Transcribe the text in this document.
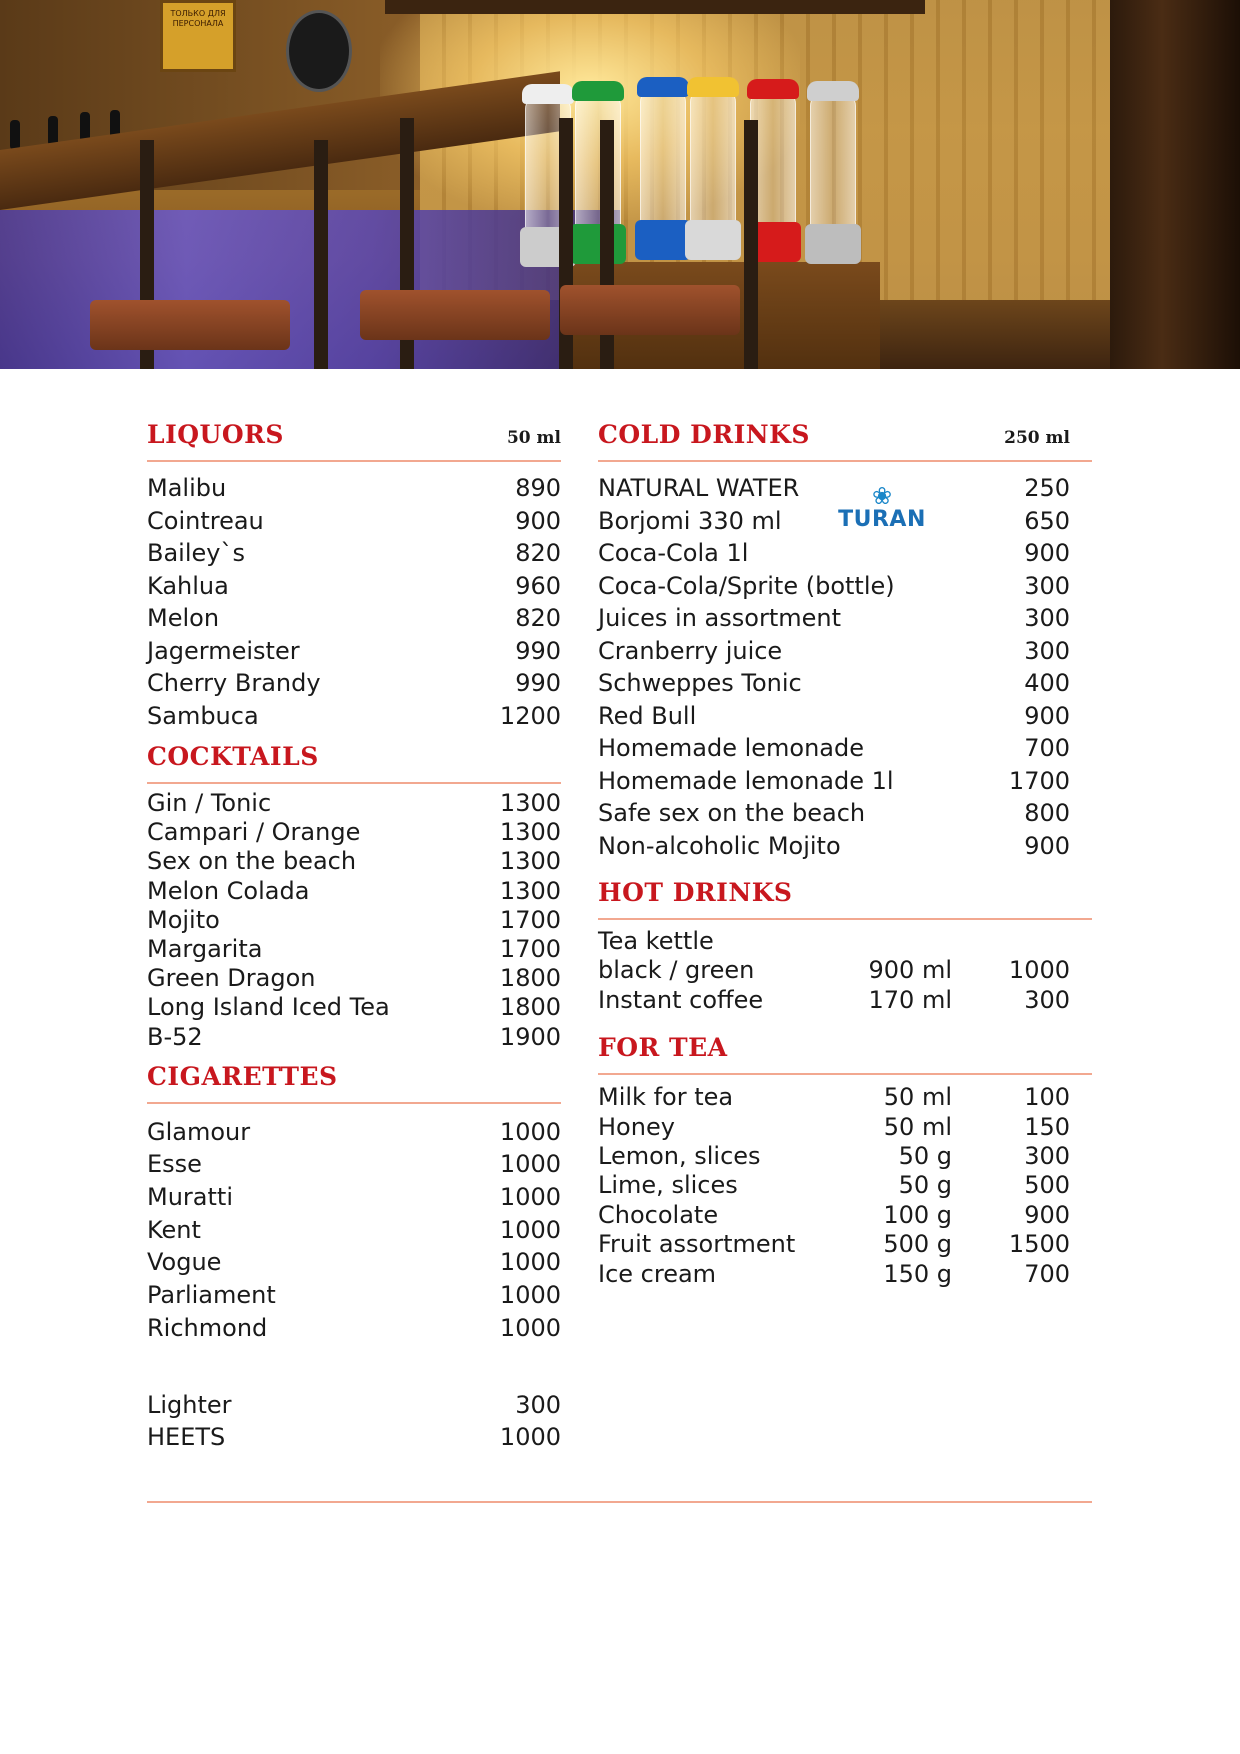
ТОЛЬКО ДЛЯ ПЕРСОНАЛА
LIQUORS	50 ml
Malibu	890
Cointreau	900
Bailey`s	820
Kahlua	960
Melon	820
Jagermeister	990
Cherry Brandy	990
Sambuca	1200
COCKTAILS
Gin / Tonic	1300
Campari / Orange	1300
Sex on the beach	1300
Melon Colada	1300
Mojito	1700
Margarita	1700
Green Dragon	1800
Long Island Iced Tea	1800
B-52	1900
CIGARETTES
Glamour	1000
Esse	1000
Muratti	1000
Kent	1000
Vogue	1000
Parliament	1000
Richmond	1000
Lighter	300
HEETS	1000
COLD DRINKS	250 ml
NATURAL WATER	250
Borjomi 330 ml	650
Coca-Cola 1l	900
Coca-Cola/Sprite (bottle)	300
Juices in assortment	300
Cranberry juice	300
Schweppes Tonic	400
Red Bull	900
Homemade lemonade	700
Homemade lemonade 1l	1700
Safe sex on the beach	800
Non-alcoholic Mojito	900
HOT DRINKS
Tea kettle
black / green	900 ml 1000
Instant coffee	170 ml	300
FOR TEA
Milk for tea	50 ml	100
Honey	50 ml	150
Lemon, slices	50 g	300
Lime, slices	50 g	500
Chocolate	100 g	900
Fruit assortment	500 g 1500
Ice cream	150 g	700
❀
TURAN
